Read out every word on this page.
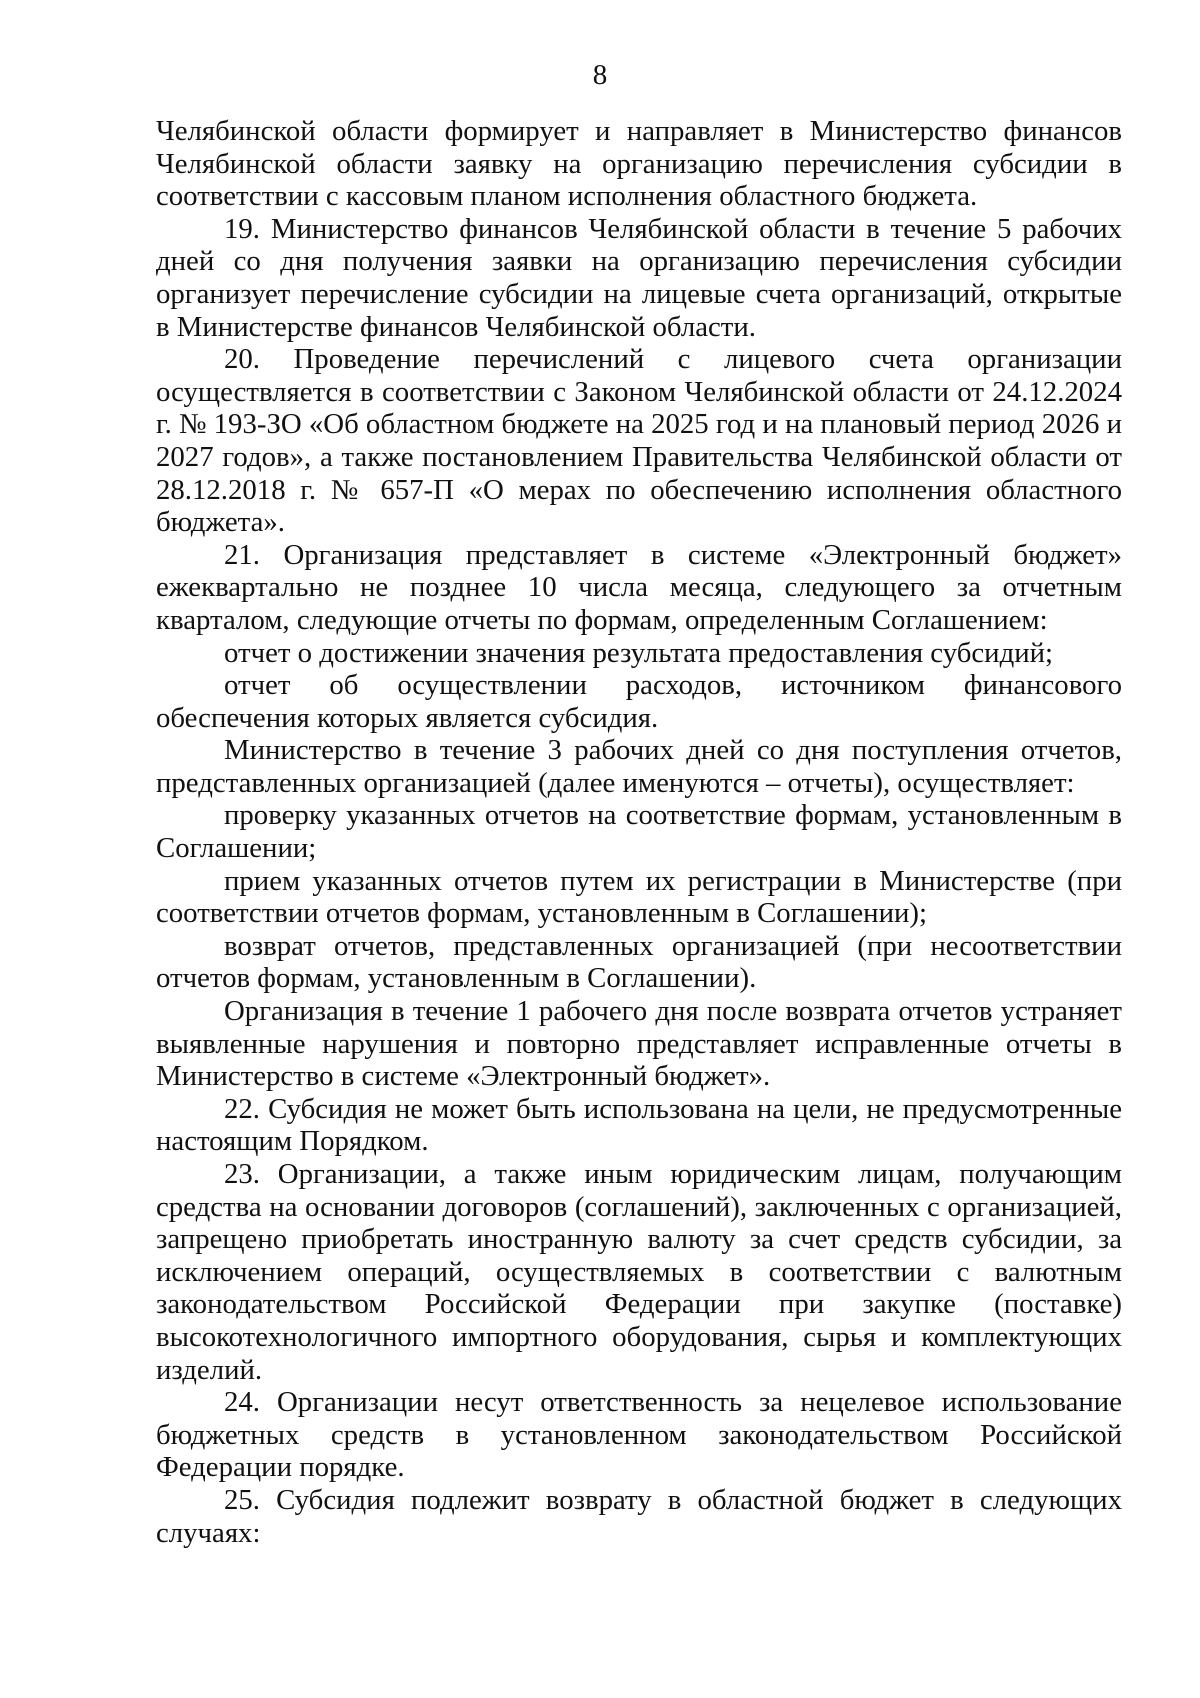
8

Челябинской области формирует и направляет в Министерство финансов Челябинской области заявку на организацию перечисления субсидии в соответствии с кассовым планом исполнения областного бюджета.

19. Министерство финансов Челябинской области в течение 5 рабочих дней со дня получения заявки на организацию перечисления субсидии организует перечисление субсидии на лицевые счета организаций, открытые в Министерстве финансов Челябинской области.

20. Проведение перечислений с лицевого счета организации осуществляется в соответствии с Законом Челябинской области от 24.12.2024 г. № 193-ЗО «Об областном бюджете на 2025 год и на плановый период 2026 и 2027 годов», а также постановлением Правительства Челябинской области от 28.12.2018 г. № 657-П «О мерах по обеспечению исполнения областного бюджета».

21. Организация представляет в системе «Электронный бюджет» ежеквартально не позднее 10 числа месяца, следующего за отчетным кварталом, следующие отчеты по формам, определенным Соглашением:

отчет о достижении значения результата предоставления субсидий;

отчет об осуществлении расходов, источником финансового обеспечения которых является субсидия.

Министерство в течение 3 рабочих дней со дня поступления отчетов, представленных организацией (далее именуются – отчеты), осуществляет:

проверку указанных отчетов на соответствие формам, установленным в Соглашении;

прием указанных отчетов путем их регистрации в Министерстве (при соответствии отчетов формам, установленным в Соглашении);

возврат отчетов, представленных организацией (при несоответствии отчетов формам, установленным в Соглашении).

Организация в течение 1 рабочего дня после возврата отчетов устраняет выявленные нарушения и повторно представляет исправленные отчеты в Министерство в системе «Электронный бюджет».

22. Субсидия не может быть использована на цели, не предусмотренные настоящим Порядком.

23. Организации, а также иным юридическим лицам, получающим средства на основании договоров (соглашений), заключенных с организацией, запрещено приобретать иностранную валюту за счет средств субсидии, за исключением операций, осуществляемых в соответствии с валютным законодательством Российской Федерации при закупке (поставке) высокотехнологичного импортного оборудования, сырья и комплектующих изделий.

24. Организации несут ответственность за нецелевое использование бюджетных средств в установленном законодательством Российской Федерации порядке.

25. Субсидия подлежит возврату в областной бюджет в следующих случаях:
